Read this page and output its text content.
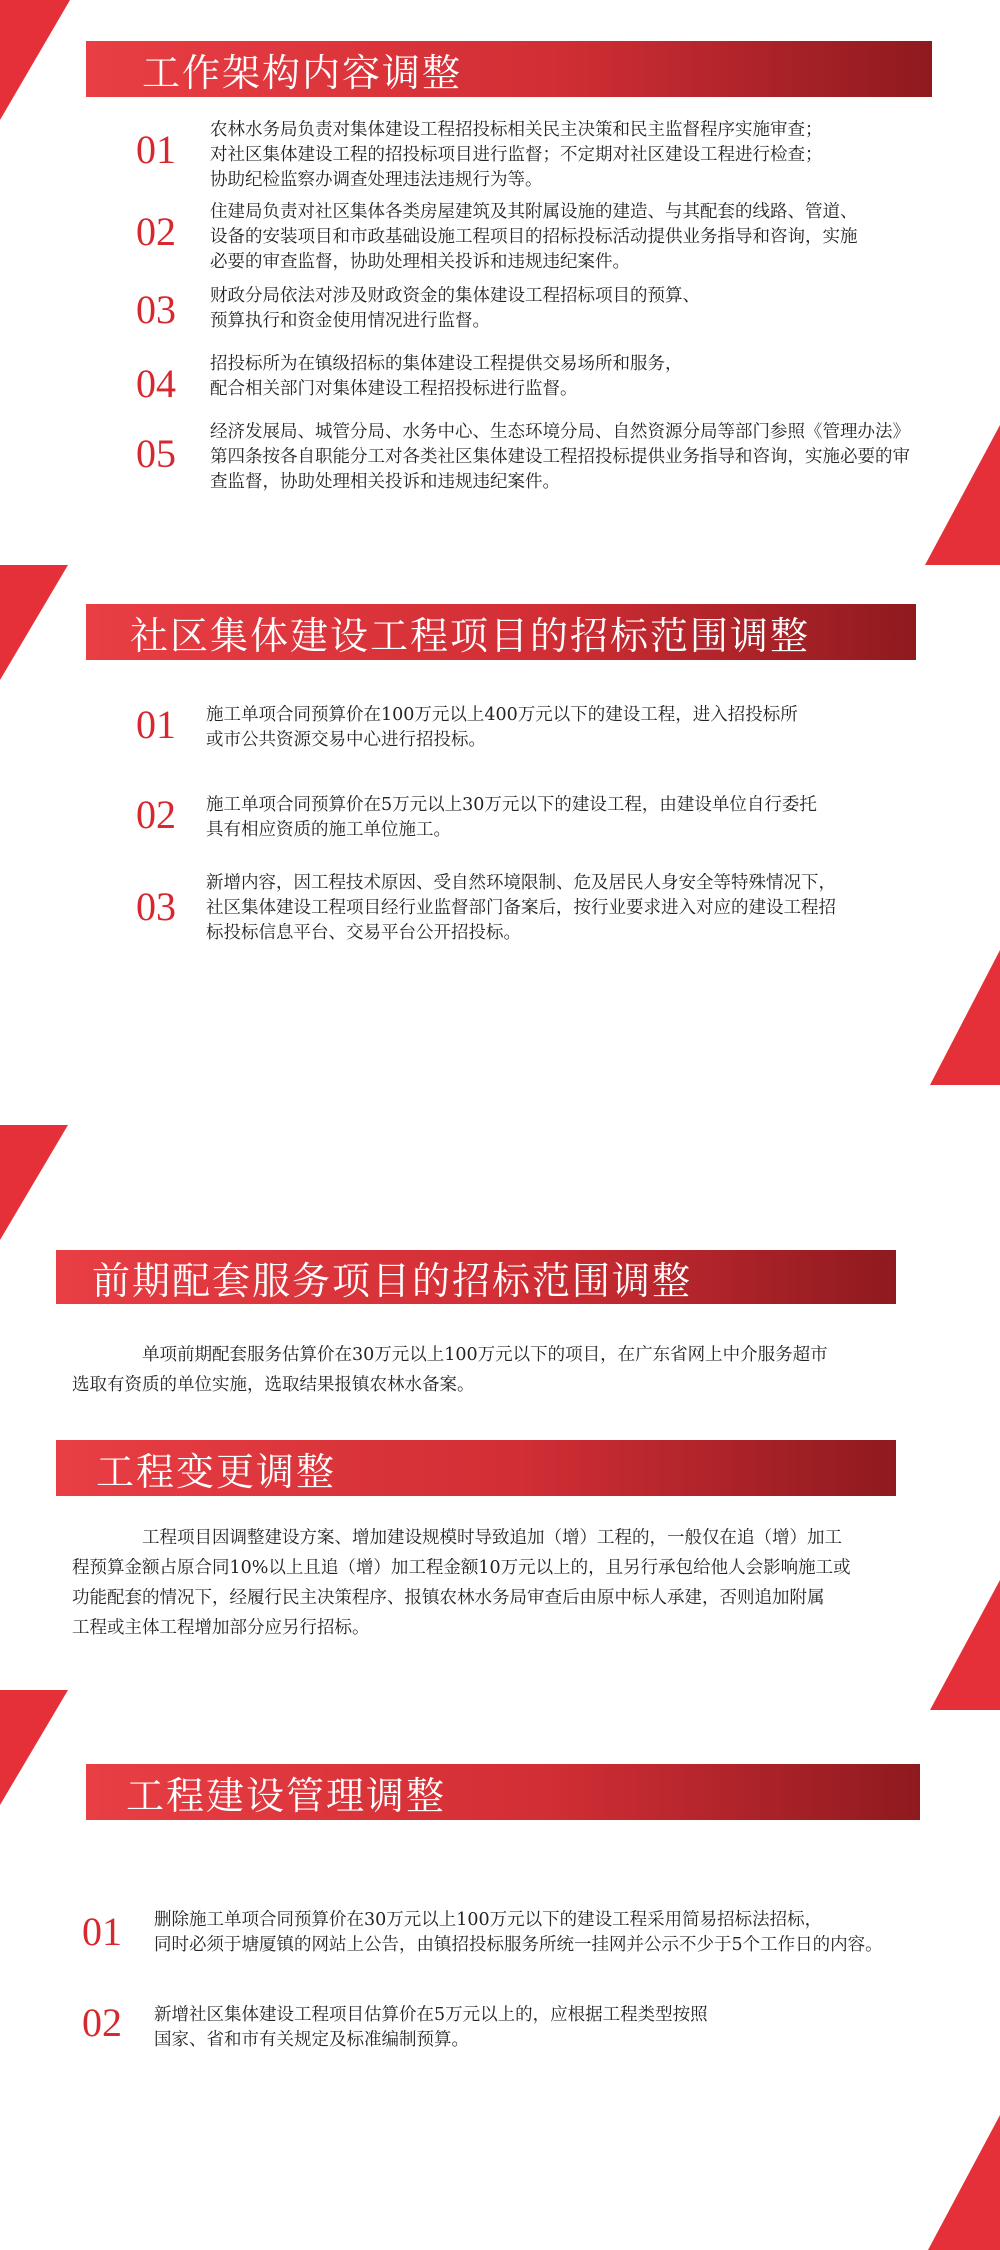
工作架构内容调整
01	农林水务局负责对集体建设工程招投标相关民主决策和民主监督程序实施审查；
对社区集体建设工程的招投标项目进行监督；不定期对社区建设工程进行检查；
协助纪检监察办调查处理违法违规行为等。
02	住建局负责对社区集体各类房屋建筑及其附属设施的建造、与其配套的线路、管道、
设备的安装项目和市政基础设施工程项目的招标投标活动提供业务指导和咨询，实施
必要的审查监督，协助处理相关投诉和违规违纪案件。
03	财政分局依法对涉及财政资金的集体建设工程招标项目的预算、
预算执行和资金使用情况进行监督。
04	招投标所为在镇级招标的集体建设工程提供交易场所和服务，
配合相关部门对集体建设工程招投标进行监督。
05	经济发展局、城管分局、水务中心、生态环境分局、自然资源分局等部门参照《管理办法》
第四条按各自职能分工对各类社区集体建设工程招投标提供业务指导和咨询，实施必要的审
查监督，协助处理相关投诉和违规违纪案件。
社区集体建设工程项目的招标范围调整
01	施工单项合同预算价在100万元以上400万元以下的建设工程，进入招投标所
或市公共资源交易中心进行招投标。
02	施工单项合同预算价在5万元以上30万元以下的建设工程，由建设单位自行委托
具有相应资质的施工单位施工。
03
新增内容，因工程技术原因、受自然环境限制、危及居民人身安全等特殊情况下，
社区集体建设工程项目经行业监督部门备案后，按行业要求进入对应的建设工程招
标投标信息平台、交易平台公开招投标。
前期配套服务项目的招标范围调整
　　　　单项前期配套服务估算价在30万元以上100万元以下的项目，在广东省网上中介服务超市
选取有资质的单位实施，选取结果报镇农林水备案。
工程变更调整
　　　　工程项目因调整建设方案、增加建设规模时导致追加（增）工程的，一般仅在追（增）加工
程预算金额占原合同10%以上且追（增）加工程金额10万元以上的，且另行承包给他人会影响施工或
功能配套的情况下，经履行民主决策程序、报镇农林水务局审查后由原中标人承建，否则追加附属
工程或主体工程增加部分应另行招标。
工程建设管理调整
01	删除施工单项合同预算价在30万元以上100万元以下的建设工程采用简易招标法招标，
同时必须于塘厦镇的网站上公告，由镇招投标服务所统一挂网并公示不少于5个工作日的内容。
02	新增社区集体建设工程项目估算价在5万元以上的，应根据工程类型按照
国家、省和市有关规定及标准编制预算。
